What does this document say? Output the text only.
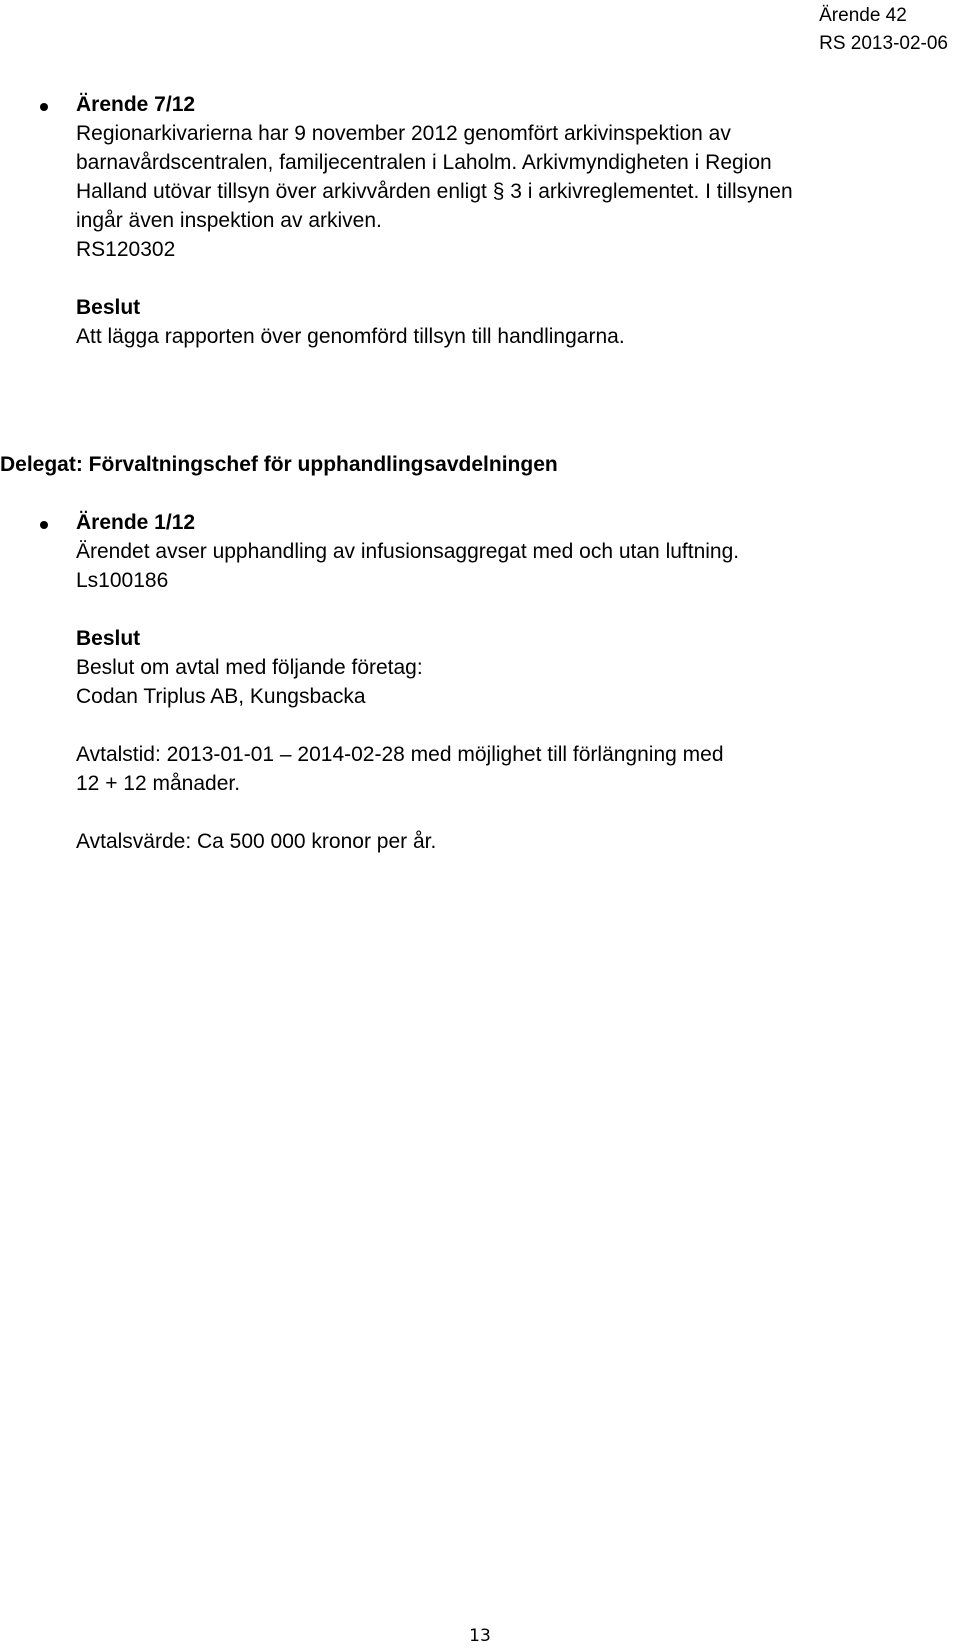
Ärende 42
RS 2013-02-06
Ärende 7/12
Regionarkivarierna har 9 november 2012 genomfört arkivinspektion av
barnavårdscentralen, familjecentralen i Laholm. Arkivmyndigheten i Region
Halland utövar tillsyn över arkivvården enligt § 3 i arkivreglementet. I tillsynen
ingår även inspektion av arkiven.
RS120302
Beslut
Att lägga rapporten över genomförd tillsyn till handlingarna.
Delegat: Förvaltningschef för upphandlingsavdelningen
Ärende 1/12
Ärendet avser upphandling av infusionsaggregat med och utan luftning.
Ls100186
Beslut
Beslut om avtal med följande företag:
Codan Triplus AB, Kungsbacka
Avtalstid: 2013-01-01 – 2014-02-28 med möjlighet till förlängning med
12 + 12 månader.
Avtalsvärde: Ca 500 000 kronor per år.
13
